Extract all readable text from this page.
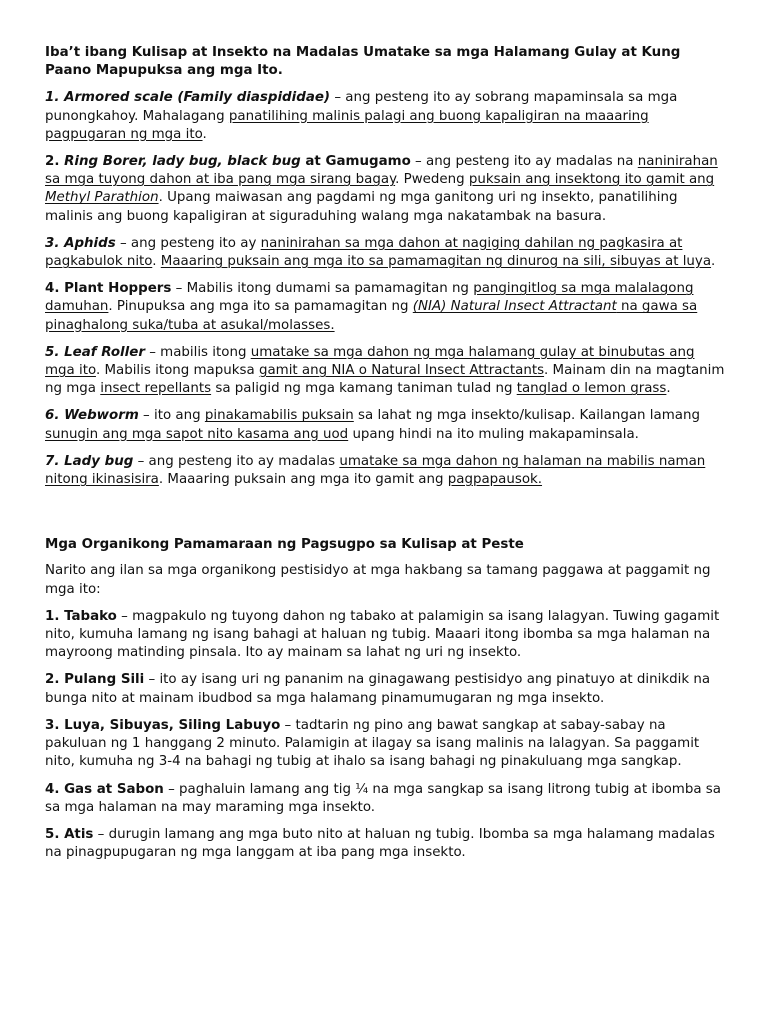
Iba’t ibang Kulisap at Insekto na Madalas Umatake sa mga Halamang Gulay at Kung Paano Mapupuksa ang mga Ito.

1. Armored scale (Family diaspididae) – ang pesteng ito ay sobrang mapaminsala sa mga punongkahoy. Mahalagang panatilihing malinis palagi ang buong kapaligiran na maaaring pagpugaran ng mga ito.

2. Ring Borer, lady bug, black bug at Gamugamo – ang pesteng ito ay madalas na naninirahan sa mga tuyong dahon at iba pang mga sirang bagay. Pwedeng puksain ang insektong ito gamit ang Methyl Parathion. Upang maiwasan ang pagdami ng mga ganitong uri ng insekto, panatilihing malinis ang buong kapaligiran at siguraduhing walang mga nakatambak na basura.

3. Aphids – ang pesteng ito ay naninirahan sa mga dahon at nagiging dahilan ng pagkasira at pagkabulok nito. Maaaring puksain ang mga ito sa pamamagitan ng dinurog na sili, sibuyas at luya.

4. Plant Hoppers – Mabilis itong dumami sa pamamagitan ng pangingitlog sa mga malalagong damuhan. Pinupuksa ang mga ito sa pamamagitan ng (NIA) Natural Insect Attractant na gawa sa pinaghalong suka/tuba at asukal/molasses.

5. Leaf Roller – mabilis itong umatake sa mga dahon ng mga halamang gulay at binubutas ang mga ito. Mabilis itong mapuksa gamit ang NIA o Natural Insect Attractants. Mainam din na magtanim ng mga insect repellants sa paligid ng mga kamang taniman tulad ng tanglad o lemon grass.

6. Webworm – ito ang pinakamabilis puksain sa lahat ng mga insekto/kulisap. Kailangan lamang sunugin ang mga sapot nito kasama ang uod upang hindi na ito muling makapaminsala.

7. Lady bug – ang pesteng ito ay madalas umatake sa mga dahon ng halaman na mabilis naman nitong ikinasisira. Maaaring puksain ang mga ito gamit ang pagpapausok.

Mga Organikong Pamamaraan ng Pagsugpo sa Kulisap at Peste

Narito ang ilan sa mga organikong pestisidyo at mga hakbang sa tamang paggawa at paggamit ng mga ito:

1. Tabako – magpakulo ng tuyong dahon ng tabako at palamigin sa isang lalagyan. Tuwing gagamit nito, kumuha lamang ng isang bahagi at haluan ng tubig. Maaari itong ibomba sa mga halaman na mayroong matinding pinsala. Ito ay mainam sa lahat ng uri ng insekto.

2. Pulang Sili – ito ay isang uri ng pananim na ginagawang pestisidyo ang pinatuyo at dinikdik na bunga nito at mainam ibudbod sa mga halamang pinamumugaran ng mga insekto.

3. Luya, Sibuyas, Siling Labuyo – tadtarin ng pino ang bawat sangkap at sabay-sabay na pakuluan ng 1 hanggang 2 minuto. Palamigin at ilagay sa isang malinis na lalagyan. Sa paggamit nito, kumuha ng 3-4 na bahagi ng tubig at ihalo sa isang bahagi ng pinakuluang mga sangkap.

4. Gas at Sabon – paghaluin lamang ang tig ¼ na mga sangkap sa isang litrong tubig at ibomba sa sa mga halaman na may maraming mga insekto.

5. Atis – durugin lamang ang mga buto nito at haluan ng tubig. Ibomba sa mga halamang madalas na pinagpupugaran ng mga langgam at iba pang mga insekto.
